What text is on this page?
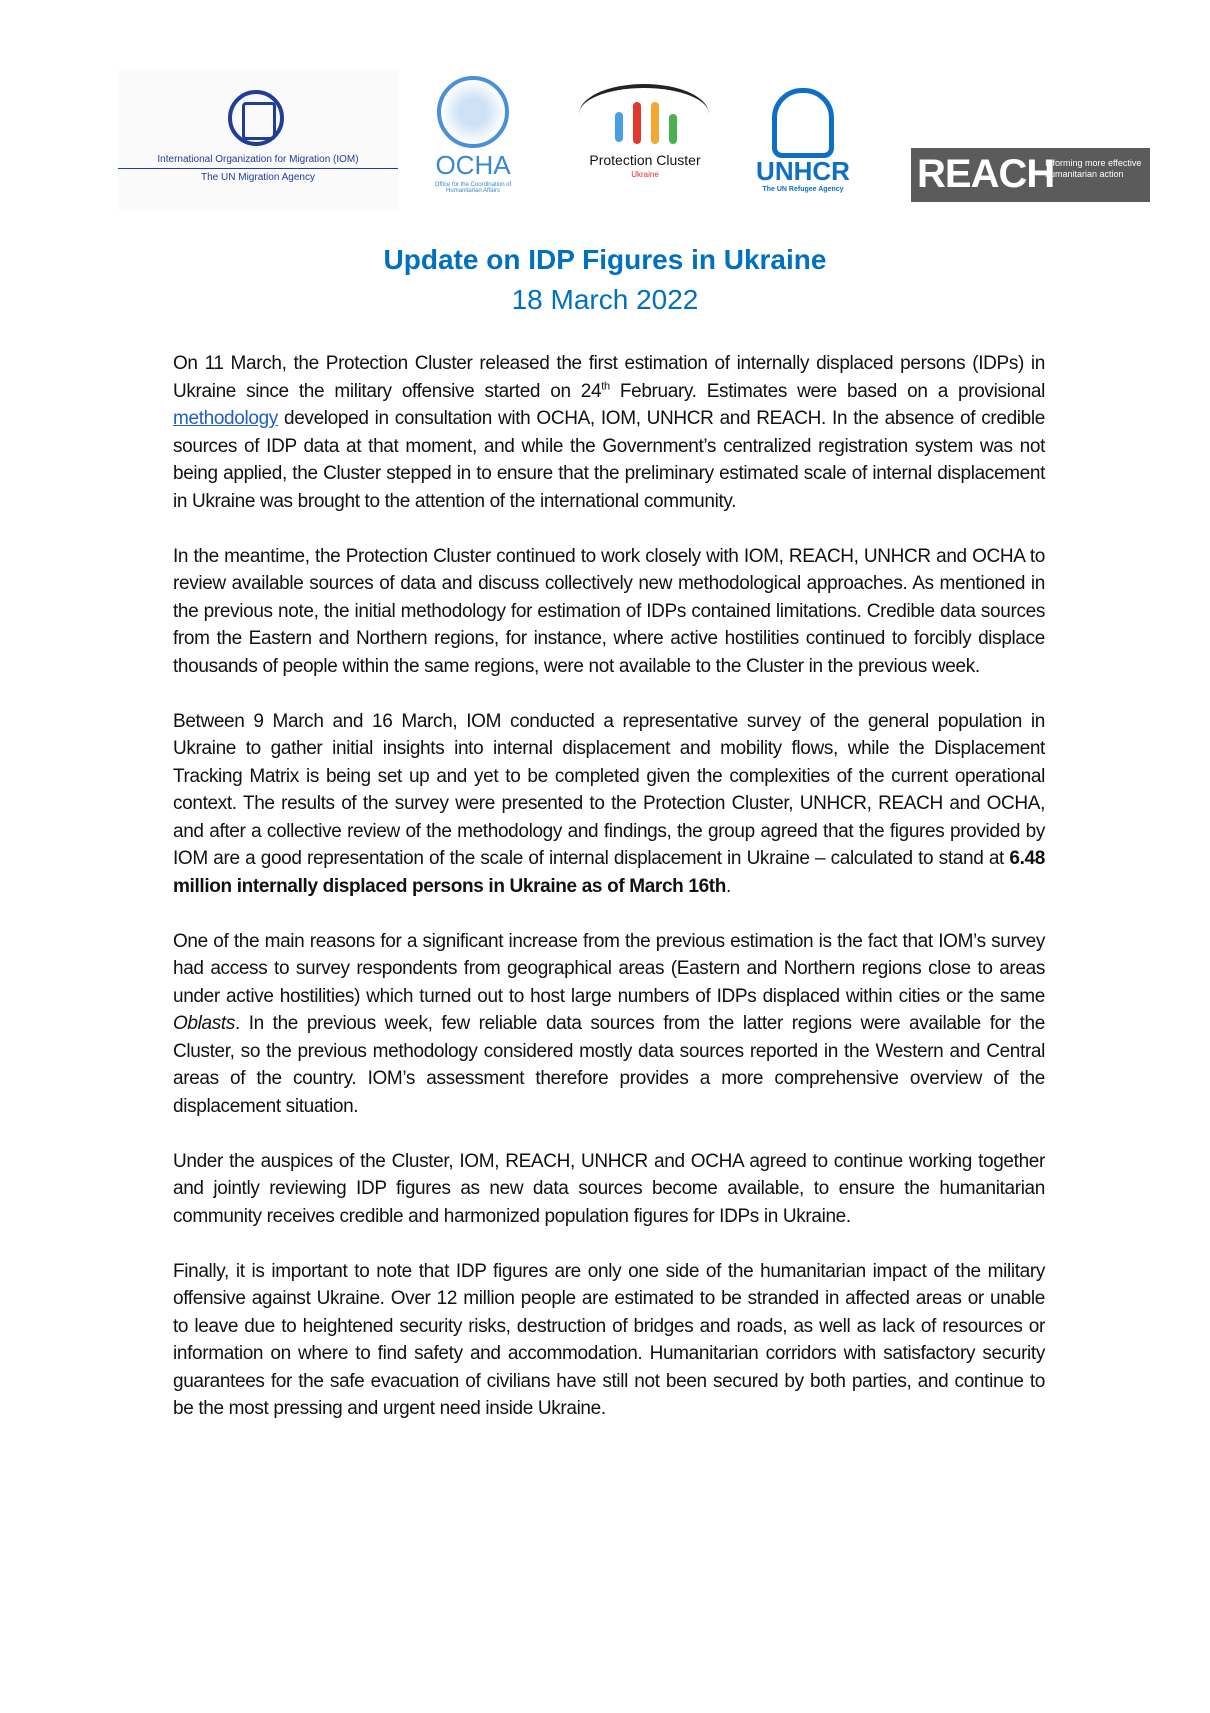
International Organization for Migration (IOM)
The UN Migration Agency	OCHA
Office for the Coordination of Humanitarian Affairs
Protection Cluster
Ukraine	UNHCR
The UN Refugee Agency	REACH
Informing more effective humanitarian action
Update on IDP Figures in Ukraine
18 March 2022

On 11 March, the Protection Cluster released the first estimation of internally displaced persons (IDPs) in Ukraine since the military offensive started on 24th February. Estimates were based on a provisional methodology developed in consultation with OCHA, IOM, UNHCR and REACH. In the absence of credible sources of IDP data at that moment, and while the Government’s centralized registration system was not being applied, the Cluster stepped in to ensure that the preliminary estimated scale of internal displacement in Ukraine was brought to the attention of the international community.

In the meantime, the Protection Cluster continued to work closely with IOM, REACH, UNHCR and OCHA to review available sources of data and discuss collectively new methodological approaches. As mentioned in the previous note, the initial methodology for estimation of IDPs contained limitations. Credible data sources from the Eastern and Northern regions, for instance, where active hostilities continued to forcibly displace thousands of people within the same regions, were not available to the Cluster in the previous week.

Between 9 March and 16 March, IOM conducted a representative survey of the general population in Ukraine to gather initial insights into internal displacement and mobility flows, while the Displacement Tracking Matrix is being set up and yet to be completed given the complexities of the current operational context. The results of the survey were presented to the Protection Cluster, UNHCR, REACH and OCHA, and after a collective review of the methodology and findings, the group agreed that the figures provided by IOM are a good representation of the scale of internal displacement in Ukraine – calculated to stand at 6.48 million internally displaced persons in Ukraine as of March 16th.

One of the main reasons for a significant increase from the previous estimation is the fact that IOM’s survey had access to survey respondents from geographical areas (Eastern and Northern regions close to areas under active hostilities) which turned out to host large numbers of IDPs displaced within cities or the same Oblasts. In the previous week, few reliable data sources from the latter regions were available for the Cluster, so the previous methodology considered mostly data sources reported in the Western and Central areas of the country. IOM’s assessment therefore provides a more comprehensive overview of the displacement situation.

Under the auspices of the Cluster, IOM, REACH, UNHCR and OCHA agreed to continue working together and jointly reviewing IDP figures as new data sources become available, to ensure the humanitarian community receives credible and harmonized population figures for IDPs in Ukraine.

Finally, it is important to note that IDP figures are only one side of the humanitarian impact of the military offensive against Ukraine. Over 12 million people are estimated to be stranded in affected areas or unable to leave due to heightened security risks, destruction of bridges and roads, as well as lack of resources or information on where to find safety and accommodation. Humanitarian corridors with satisfactory security guarantees for the safe evacuation of civilians have still not been secured by both parties, and continue to be the most pressing and urgent need inside Ukraine.
